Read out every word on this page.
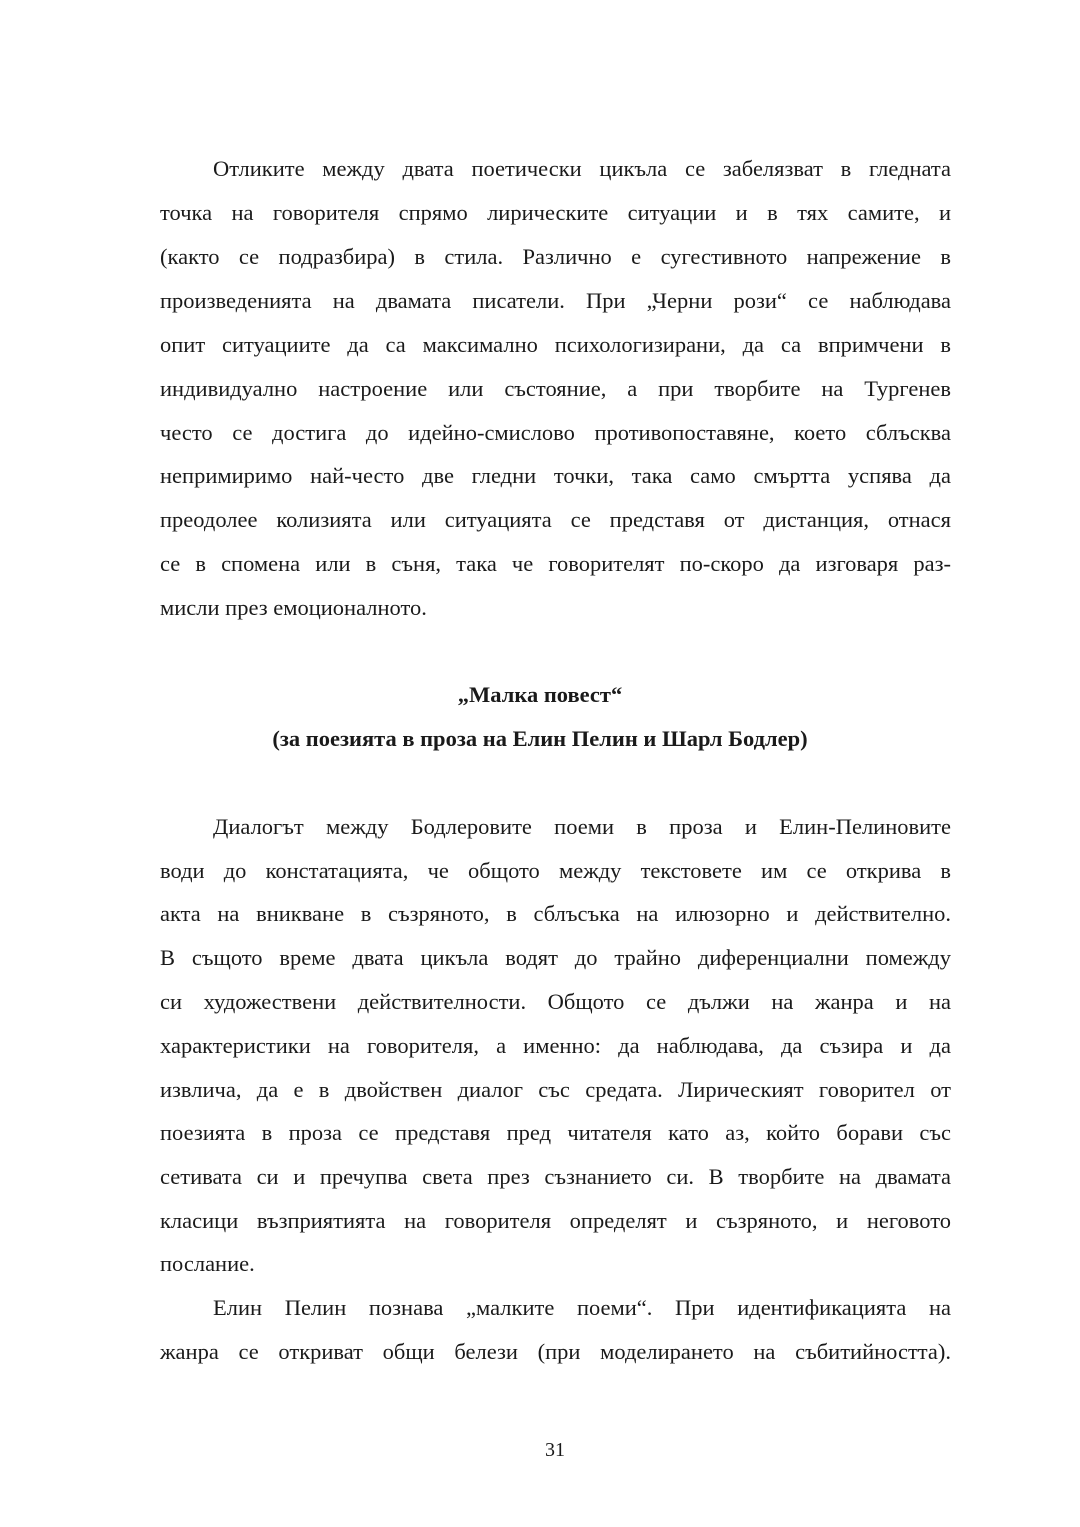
Отликите между двата поетически цикъла се забелязват в гледната
точка на говорителя спрямо лирическите ситуации и в тях самите, и
(както се подразбира) в стила. Различно е сугестивното напрежение в
произведенията на двамата писатели. При „Черни рози“ се наблюдава
опит ситуациите да са максимално психологизирани, да са впримчени в
индивидуално настроение или състояние, а при творбите на Тургенев
често се достига до идейно-смислово противопоставяне, което сблъсква
непримиримо най-често две гледни точки, така само смъртта успява да
преодолее колизията или ситуацията се представя от дистанция, отнася
се в спомена или в съня, така че говорителят по-скоро да изговаря раз-
мисли през емоционалното.
„Малка повест“
(за поезията в проза на Елин Пелин и Шарл Бодлер)
Диалогът между Бодлеровите поеми в проза и Елин-Пелиновите
води до констатацията, че общото между текстовете им се открива в
акта на вникване в съзряното, в сблъсъка на илюзорно и действително.
В същото време двата цикъла водят до трайно диференциални помежду
си художествени действителности. Общото се дължи на жанра и на
характеристики на говорителя, а именно: да наблюдава, да съзира и да
извлича, да е в двойствен диалог със средата. Лирическият говорител от
поезията в проза се представя пред читателя като аз, който борави със
сетивата си и пречупва света през съзнанието си. В творбите на двамата
класици възприятията на говорителя определят и съзряното, и неговото
послание.
Елин Пелин познава „малките поеми“. При идентификацията на
жанра се откриват общи белези (при моделирането на събитийността).
31
